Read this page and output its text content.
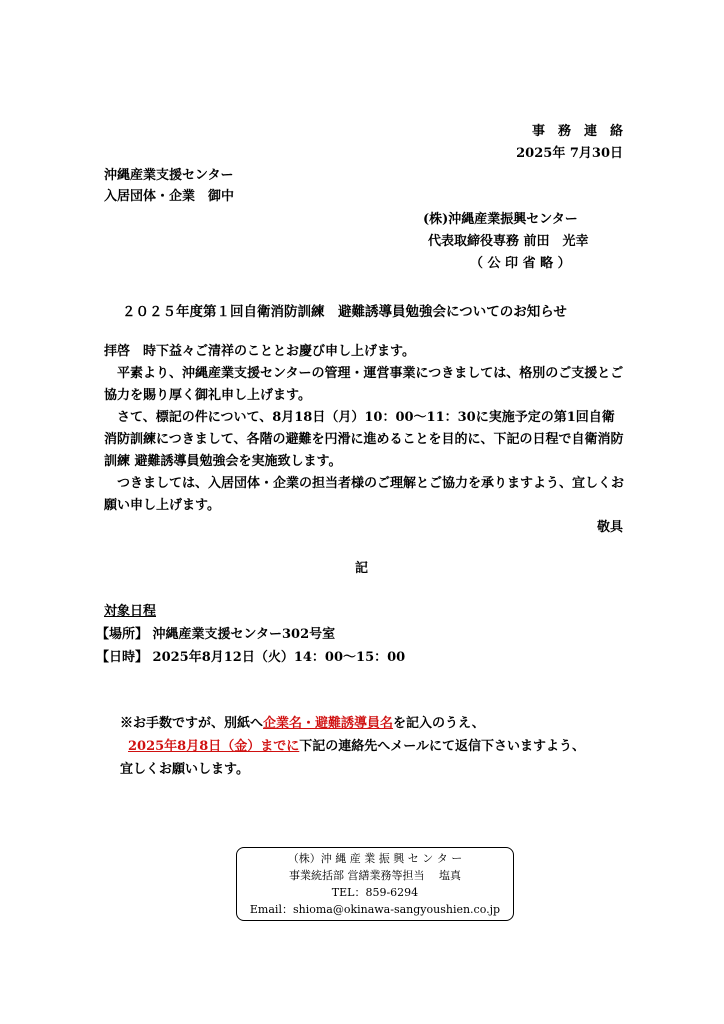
事　務　連　絡
2025年 7月30日
沖縄産業支援センター
入居団体・企業　御中
(株)沖縄産業振興センター
代表取締役専務 前田　光幸
（ 公 印 省 略 ）
２０２５年度第１回自衛消防訓練　避難誘導員勉強会についてのお知らせ

拝啓　時下益々ご清祥のこととお慶び申し上げます。

　平素より、沖縄産業支援センターの管理・運営事業につきましては、格別のご支援とご協力を賜り厚く御礼申し上げます。

　さて、標記の件について、8月18日（月）10：00～11：30に実施予定の第1回自衛消防訓練につきまして、各階の避難を円滑に進めることを目的に、下記の日程で自衛消防訓練 避難誘導員勉強会を実施致します。

　つきましては、入居団体・企業の担当者様のご理解とご協力を承りますよう、宜しくお願い申し上げます。

敬具
記
対象日程
【場所】 沖縄産業支援センター302号室
【日時】 2025年8月12日（火）14：00～15：00
※お手数ですが、別紙へ企業名・避難誘導員名を記入のうえ、
2025年8月8日（金）までに下記の連絡先へメールにて返信下さいますよう、
宜しくお願いします。
（株）沖 縄 産 業 振 興 セ ン タ ー
事業統括部 営繕業務等担当　 塩真
TEL：859-6294
Email：shioma@okinawa-sangyoushien.co.jp
